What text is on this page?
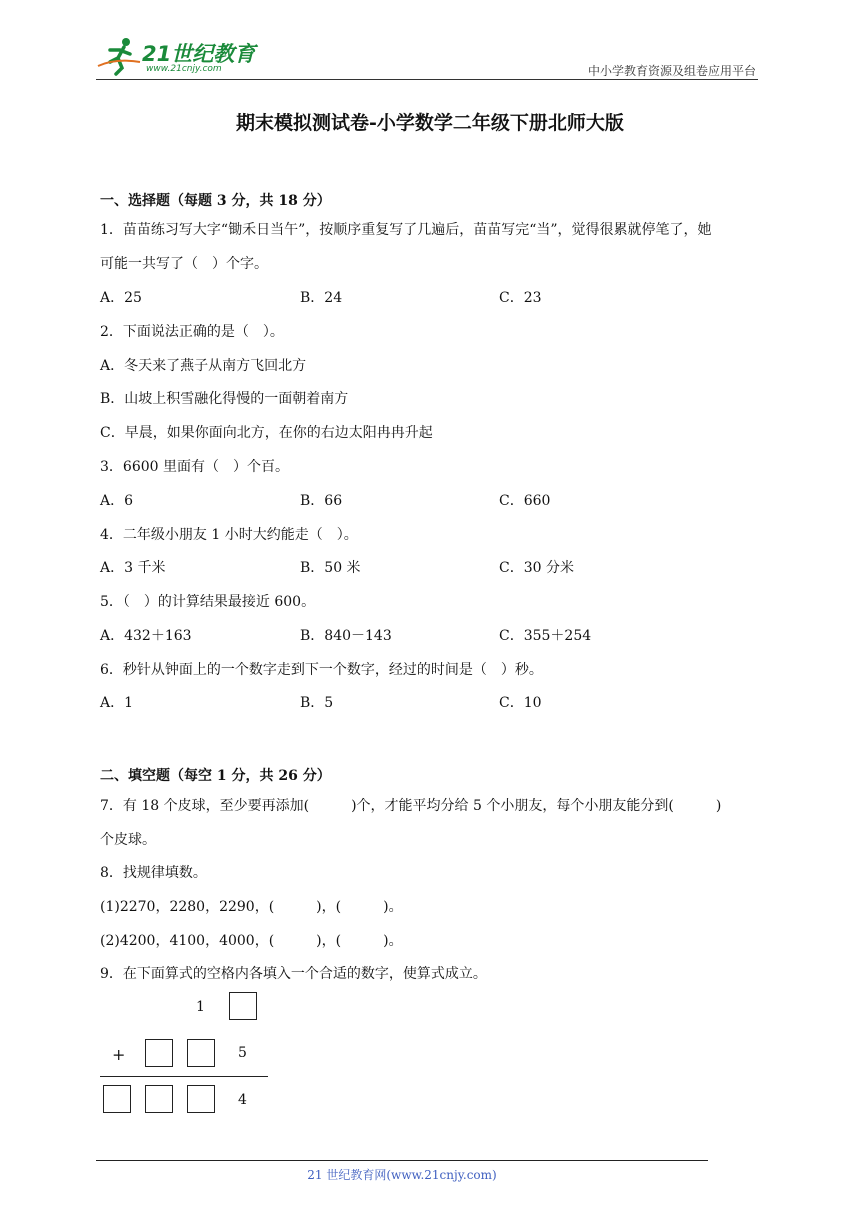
21世纪教育
www.21cnjy.com	中小学教育资源及组卷应用平台
期末模拟测试卷-小学数学二年级下册北师大版
一、选择题（每题 3 分，共 18 分）
1．苗苗练习写大字“锄禾日当午”，按顺序重复写了几遍后，苗苗写完“当”，觉得很累就停笔了，她
可能一共写了（　）个字。
A．25	B．24	C．23
2．下面说法正确的是（　）。
A．冬天来了燕子从南方飞回北方
B．山坡上积雪融化得慢的一面朝着南方
C．早晨，如果你面向北方，在你的右边太阳冉冉升起
3．6600 里面有（　）个百。
A．6	B．66	C．660
4．二年级小朋友 1 小时大约能走（　）。
A．3 千米	B．50 米	C．30 分米
5．（　）的计算结果最接近 600。
A．432＋163	B．840－143	C．355＋254
6．秒针从钟面上的一个数字走到下一个数字，经过的时间是（　）秒。
A．1	B．5	C．10
二、填空题（每空 1 分，共 26 分）
7．有 18 个皮球，至少要再添加(　　　)个，才能平均分给 5 个小朋友，每个小朋友能分到(　　　)
个皮球。
8．找规律填数。
(1)2270，2280，2290，(　　　)，(　　　)。
(2)4200，4100，4000，(　　　)，(　　　)。
9．在下面算式的空格内各填入一个合适的数字，使算式成立。
1
+	5
4
21 世纪教育网(www.21cnjy.com)
